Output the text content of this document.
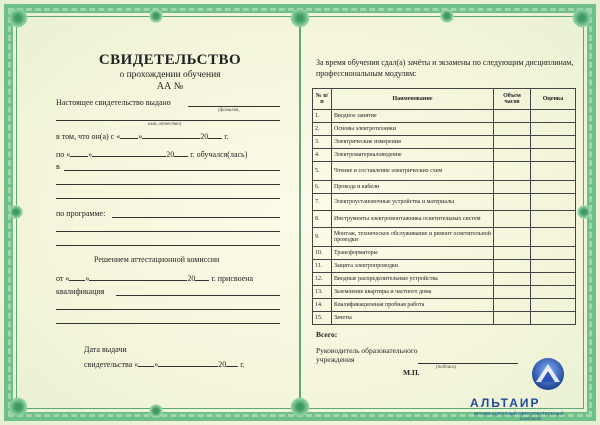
СВИДЕТЕЛЬСТВО
о прохождении обучения
АА №
Настоящее свидетельство выдано
(фамилия,
имя, отчество)
в том, что он(а) с « »	20 г.
по « »	20 г. обучался(лась)
в
по программе:
Решением аттестационной комиссии
от « »	20 г. присвоена
квалификация
Дата выдачи
свидетельства « »	20 г.
За время обучения сдал(а) зачёты и экзамены по следующим дисциплинам, профессиональным модулям:
№ п/п	Наименование	Объем часов	Оценка
1.	Вводное занятие		
2.	Основы электротехники		
3.	Электрические измерения		
4.	Электроматериаловедение		
5.	Чтение и составление электрических схем		
6.	Провода и кабели		
7.	Электроустановочные устройства и материалы		
8.	Инструменты электромонтажника осветительных систем		
9.	Монтаж, техническое обслуживание и ремонт осветительной проводки		
10.	Трансформаторы		
11.	Защита электропроводки		
12.	Вводные распределительные устройства		
13.	Заземление квартиры и частного дома		
14.	Квалификационная пробная работа		
15.	Зачеты		
Всего:
Руководитель образовательного учреждения
(подпись)
М.П.
АЛЬТАИР
ИННОВАЦИОННЫЙ ОБРАЗОВАТЕЛЬНЫЙ
КОМПЛЕКС
